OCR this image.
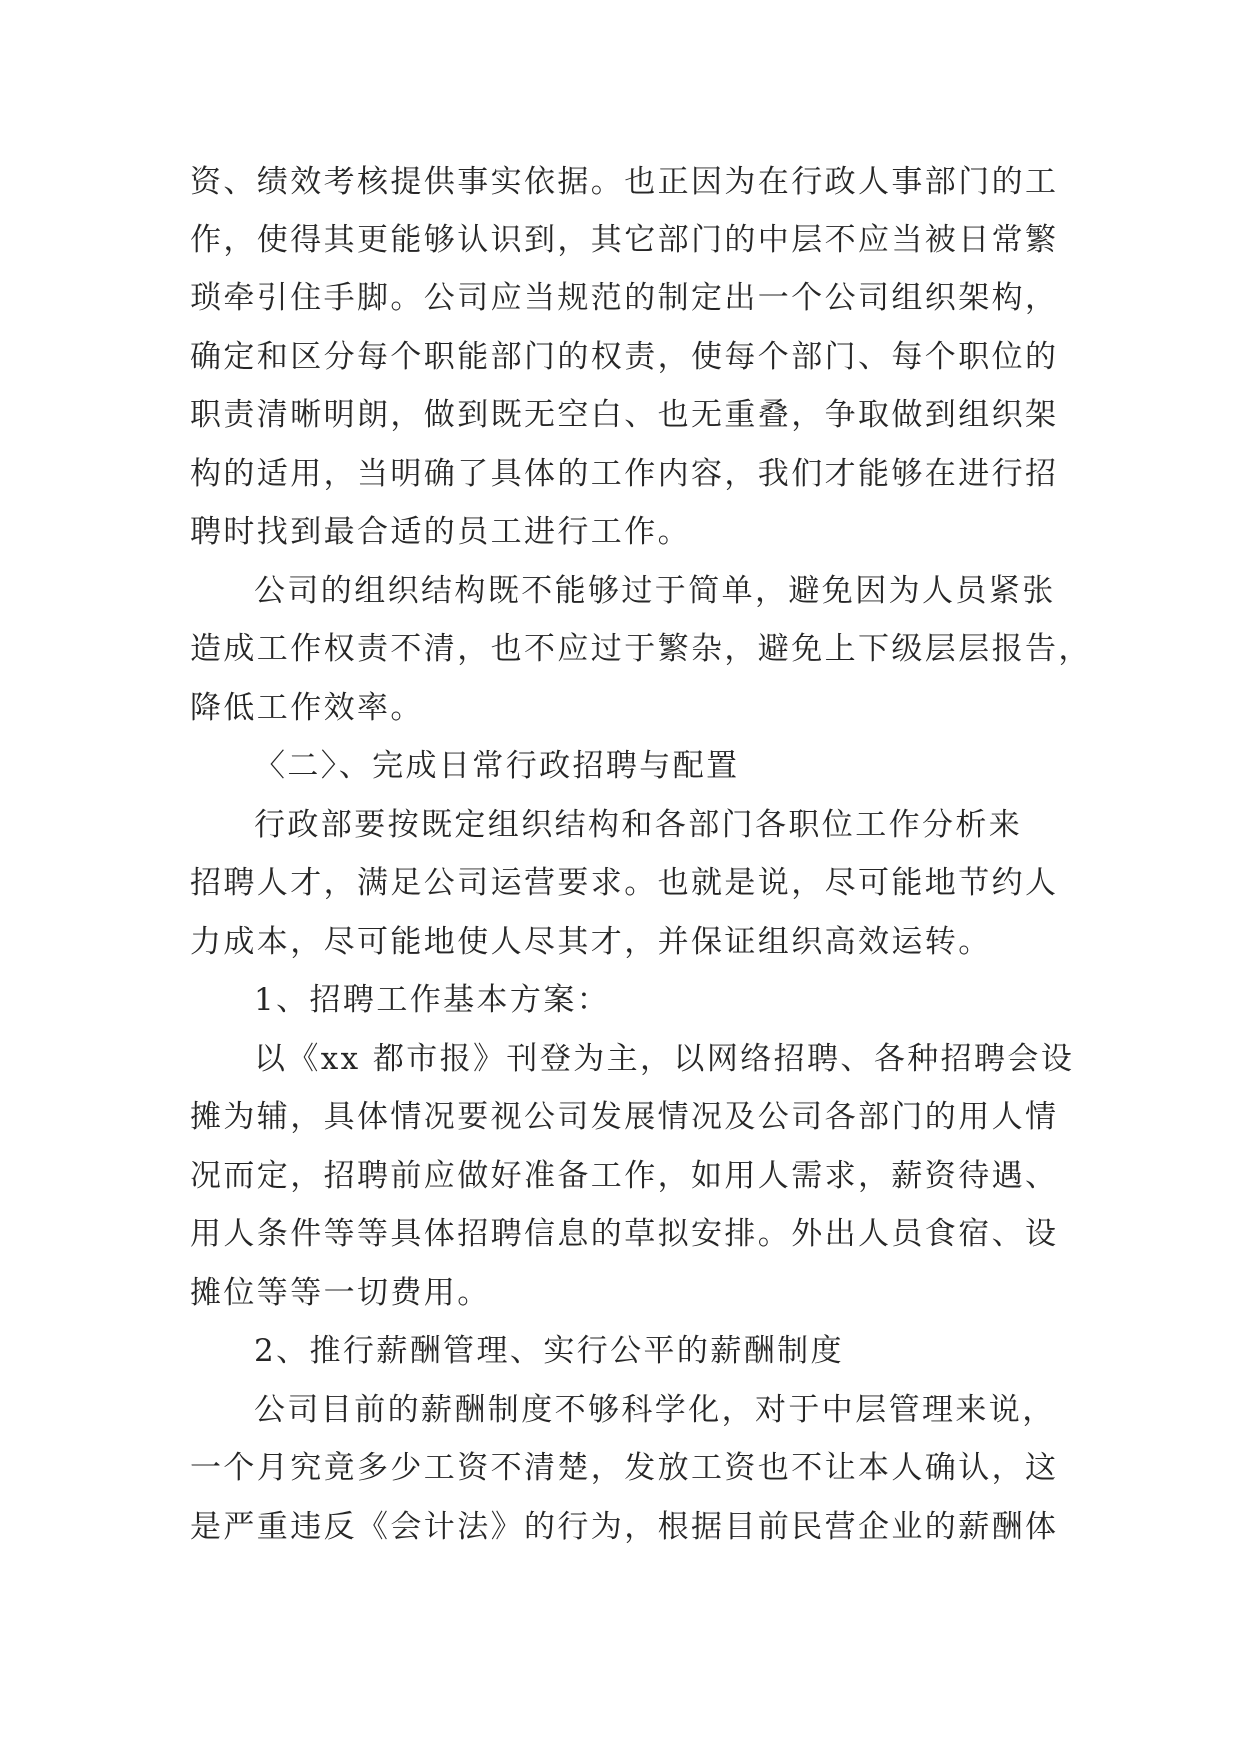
资、绩效考核提供事实依据。也正因为在行政人事部门的工
作，使得其更能够认识到，其它部门的中层不应当被日常繁
琐牵引住手脚。公司应当规范的制定出一个公司组织架构，
确定和区分每个职能部门的权责，使每个部门、每个职位的
职责清晰明朗，做到既无空白、也无重叠，争取做到组织架
构的适用，当明确了具体的工作内容，我们才能够在进行招
聘时找到最合适的员工进行工作。
公司的组织结构既不能够过于简单，避免因为人员紧张
造成工作权责不清，也不应过于繁杂，避免上下级层层报告，
降低工作效率。
〈二〉、完成日常行政招聘与配置
行政部要按既定组织结构和各部门各职位工作分析来
招聘人才，满足公司运营要求。也就是说，尽可能地节约人
力成本，尽可能地使人尽其才，并保证组织高效运转。
1、招聘工作基本方案：
以《xx 都市报》刊登为主，以网络招聘、各种招聘会设
摊为辅，具体情况要视公司发展情况及公司各部门的用人情
况而定，招聘前应做好准备工作，如用人需求，薪资待遇、
用人条件等等具体招聘信息的草拟安排。外出人员食宿、设
摊位等等一切费用。
2、推行薪酬管理、实行公平的薪酬制度
公司目前的薪酬制度不够科学化，对于中层管理来说，
一个月究竟多少工资不清楚，发放工资也不让本人确认，这
是严重违反《会计法》的行为，根据目前民营企业的薪酬体
